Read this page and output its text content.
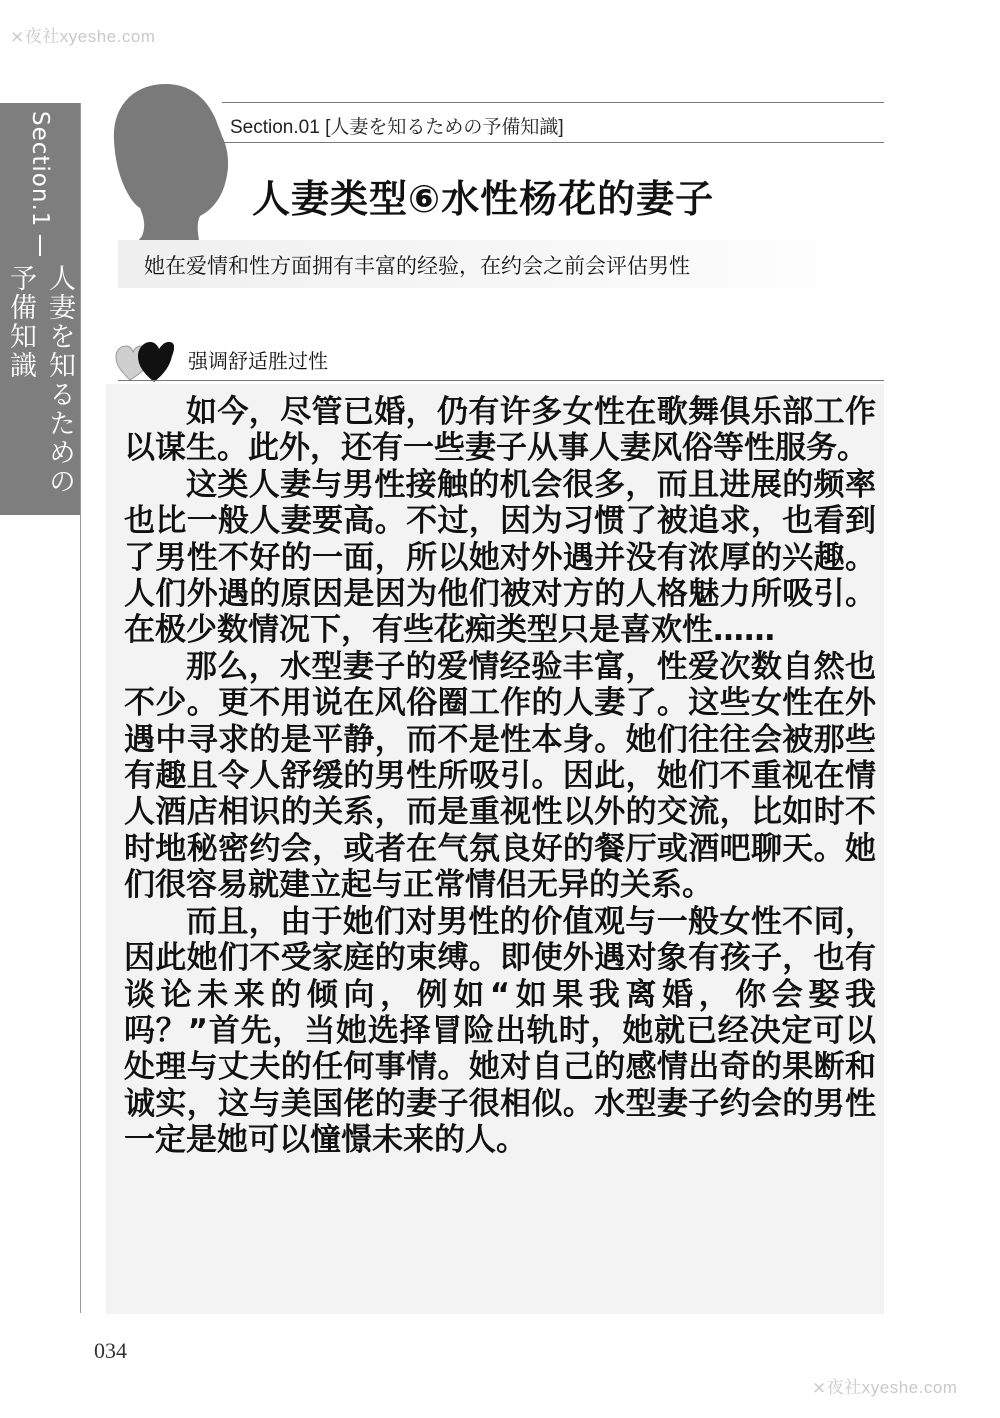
⨯夜社xyeshe.com
Section.1
人妻を知るための予備知識
Section.01 [人妻を知るための予備知識]
人妻类型⑥水性杨花的妻子
她在爱情和性方面拥有丰富的经验，在约会之前会评估男性
强调舒适胜过性

如今，尽管已婚，仍有许多女性在歌舞俱乐部工作以谋生。此外，还有一些妻子从事人妻风俗等性服务。

这类人妻与男性接触的机会很多，而且进展的频率也比一般人妻要高。不过，因为习惯了被追求，也看到了男性不好的一面，所以她对外遇并没有浓厚的兴趣。人们外遇的原因是因为他们被对方的人格魅力所吸引。在极少数情况下，有些花痴类型只是喜欢性……

那么，水型妻子的爱情经验丰富，性爱次数自然也不少。更不用说在风俗圈工作的人妻了。这些女性在外遇中寻求的是平静，而不是性本身。她们往往会被那些有趣且令人舒缓的男性所吸引。因此，她们不重视在情人酒店相识的关系，而是重视性以外的交流，比如时不时地秘密约会，或者在气氛良好的餐厅或酒吧聊天。她们很容易就建立起与正常情侣无异的关系。

而且，由于她们对男性的价值观与一般女性不同，因此她们不受家庭的束缚。即使外遇对象有孩子，也有谈论未来的倾向，例如“如果我离婚，你会娶我吗？”首先，当她选择冒险出轨时，她就已经决定可以处理与丈夫的任何事情。她对自己的感情出奇的果断和诚实，这与美国佬的妻子很相似。水型妻子约会的男性一定是她可以憧憬未来的人。

034
⨯夜社xyeshe.com
